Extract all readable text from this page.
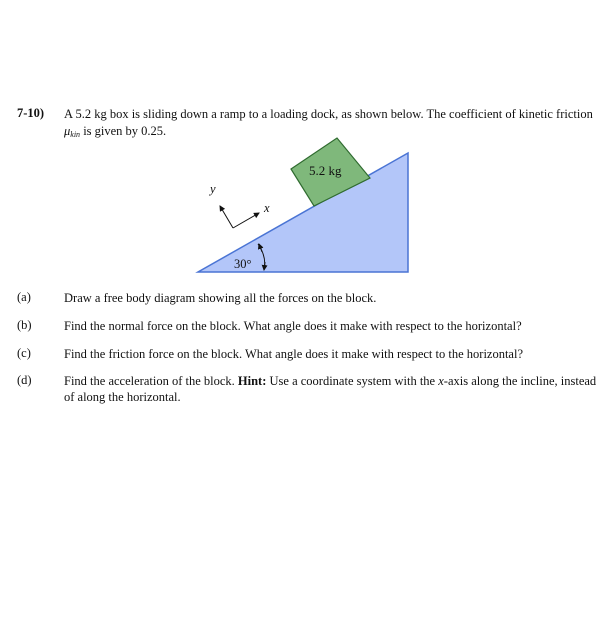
7-10) A 5.2 kg box is sliding down a ramp to a loading dock, as shown below. The coefficient of kinetic friction μkin is given by 0.25.
5.2 kg
30°
y
x
(a)	Draw a free body diagram showing all the forces on the block.
(b)	Find the normal force on the block. What angle does it make with respect to the horizontal?
(c)	Find the friction force on the block. What angle does it make with respect to the horizontal?
(d)	Find the acceleration of the block. Hint: Use a coordinate system with the x-axis along the incline, instead of along the horizontal.
